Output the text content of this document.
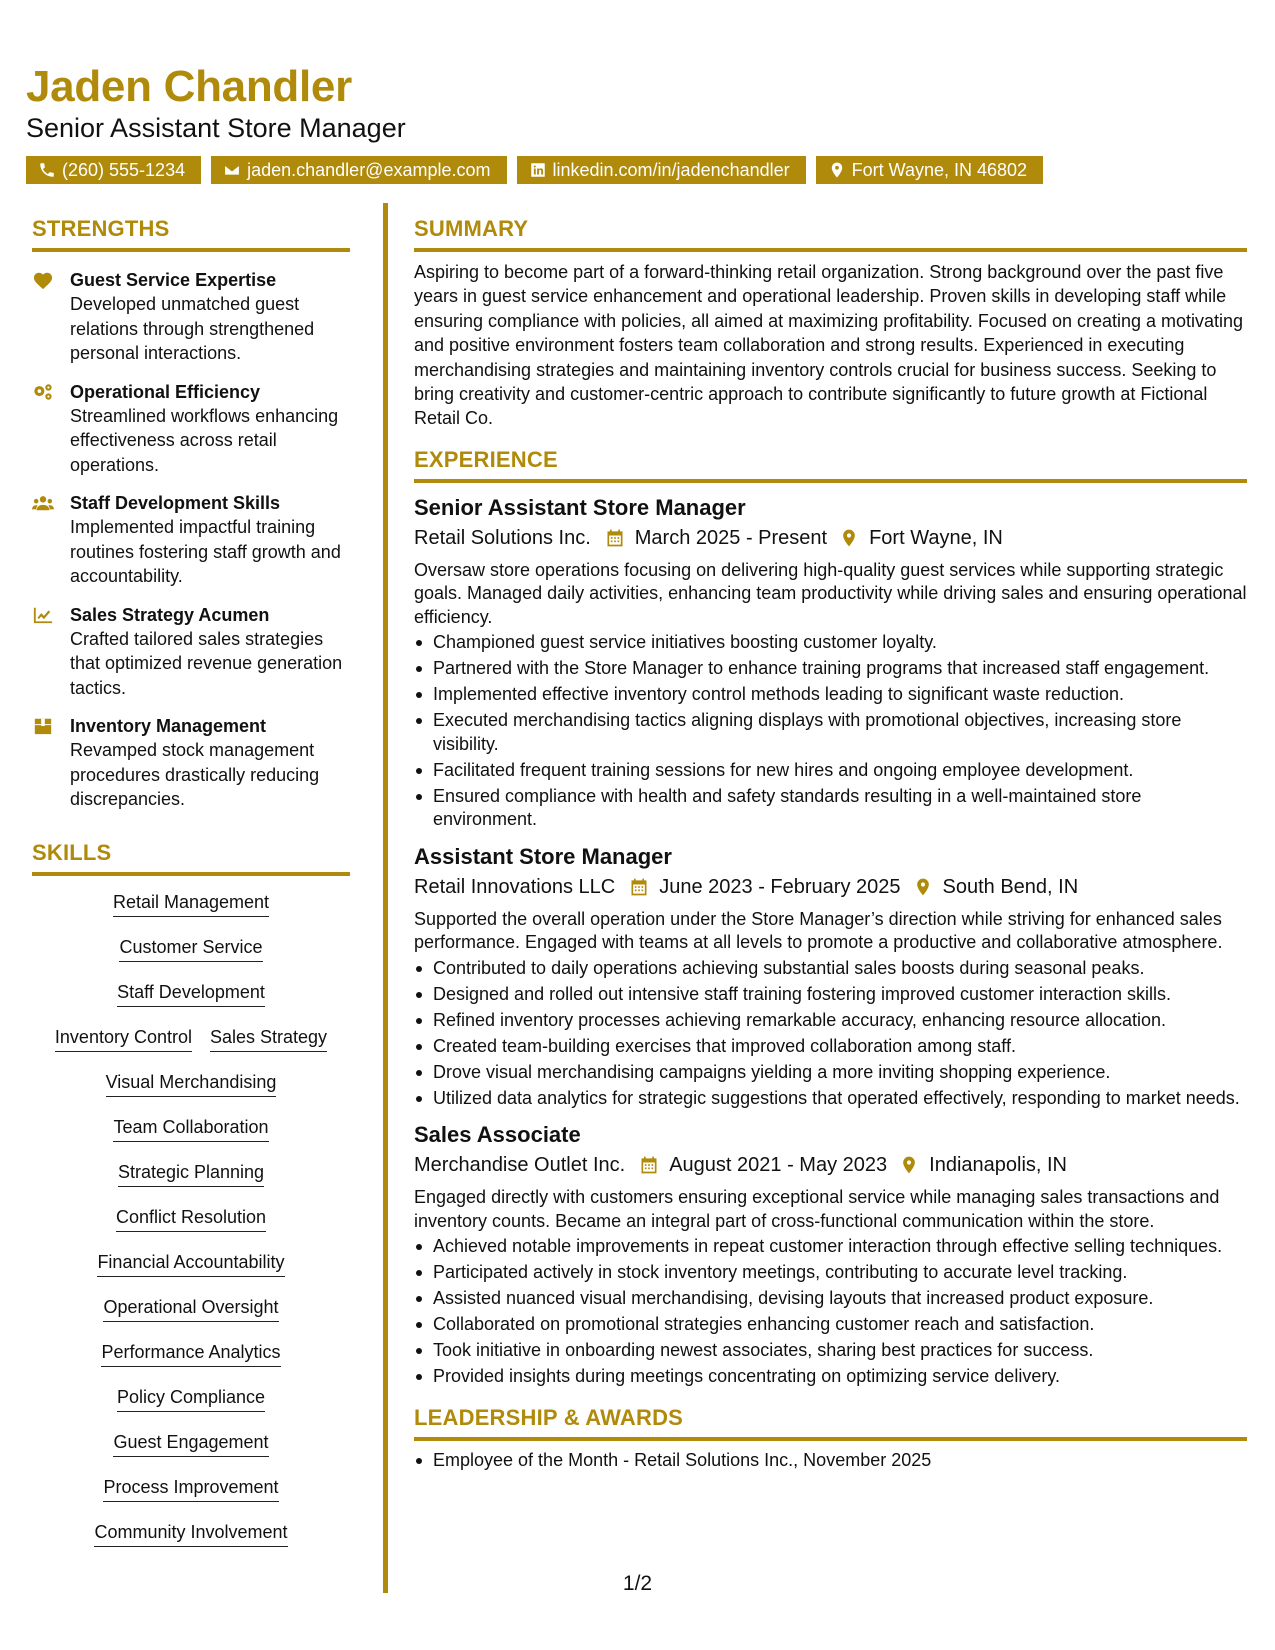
Jaden Chandler
Senior Assistant Store Manager
(260) 555-1234	jaden.chandler@example.com	linkedin.com/in/jadenchandler	Fort Wayne, IN 46802
STRENGTHS
Guest Service Expertise
Developed unmatched guest relations through strengthened personal interactions.
Operational Efficiency
Streamlined workflows enhancing effectiveness across retail operations.
Staff Development Skills
Implemented impactful training routines fostering staff growth and accountability.
Sales Strategy Acumen
Crafted tailored sales strategies that optimized revenue generation tactics.
Inventory Management
Revamped stock management procedures drastically reducing discrepancies.
SKILLS
Retail Management
Customer Service
Staff Development
Inventory Control Sales Strategy
Visual Merchandising
Team Collaboration
Strategic Planning
Conflict Resolution
Financial Accountability
Operational Oversight
Performance Analytics
Policy Compliance
Guest Engagement
Process Improvement
Community Involvement
SUMMARY
Aspiring to become part of a forward-thinking retail organization. Strong background over the past five years in guest service enhancement and operational leadership. Proven skills in developing staff while ensuring compliance with policies, all aimed at maximizing profitability. Focused on creating a motivating and positive environment fosters team collaboration and strong results. Experienced in executing merchandising strategies and maintaining inventory controls crucial for business success. Seeking to bring creativity and customer-centric approach to contribute significantly to future growth at Fictional Retail Co.
EXPERIENCE
Senior Assistant Store Manager
Retail Solutions Inc. March 2025 - Present Fort Wayne, IN
Oversaw store operations focusing on delivering high-quality guest services while supporting strategic goals. Managed daily activities, enhancing team productivity while driving sales and ensuring operational efficiency.
Championed guest service initiatives boosting customer loyalty.
Partnered with the Store Manager to enhance training programs that increased staff engagement.
Implemented effective inventory control methods leading to significant waste reduction.
Executed merchandising tactics aligning displays with promotional objectives, increasing store visibility.
Facilitated frequent training sessions for new hires and ongoing employee development.
Ensured compliance with health and safety standards resulting in a well-maintained store environment.
Assistant Store Manager
Retail Innovations LLC June 2023 - February 2025 South Bend, IN
Supported the overall operation under the Store Manager’s direction while striving for enhanced sales performance. Engaged with teams at all levels to promote a productive and collaborative atmosphere.
Contributed to daily operations achieving substantial sales boosts during seasonal peaks.
Designed and rolled out intensive staff training fostering improved customer interaction skills.
Refined inventory processes achieving remarkable accuracy, enhancing resource allocation.
Created team-building exercises that improved collaboration among staff.
Drove visual merchandising campaigns yielding a more inviting shopping experience.
Utilized data analytics for strategic suggestions that operated effectively, responding to market needs.
Sales Associate
Merchandise Outlet Inc. August 2021 - May 2023 Indianapolis, IN
Engaged directly with customers ensuring exceptional service while managing sales transactions and inventory counts. Became an integral part of cross-functional communication within the store.
Achieved notable improvements in repeat customer interaction through effective selling techniques.
Participated actively in stock inventory meetings, contributing to accurate level tracking.
Assisted nuanced visual merchandising, devising layouts that increased product exposure.
Collaborated on promotional strategies enhancing customer reach and satisfaction.
Took initiative in onboarding newest associates, sharing best practices for success.
Provided insights during meetings concentrating on optimizing service delivery.
LEADERSHIP & AWARDS
Employee of the Month - Retail Solutions Inc., November 2025
1/2
